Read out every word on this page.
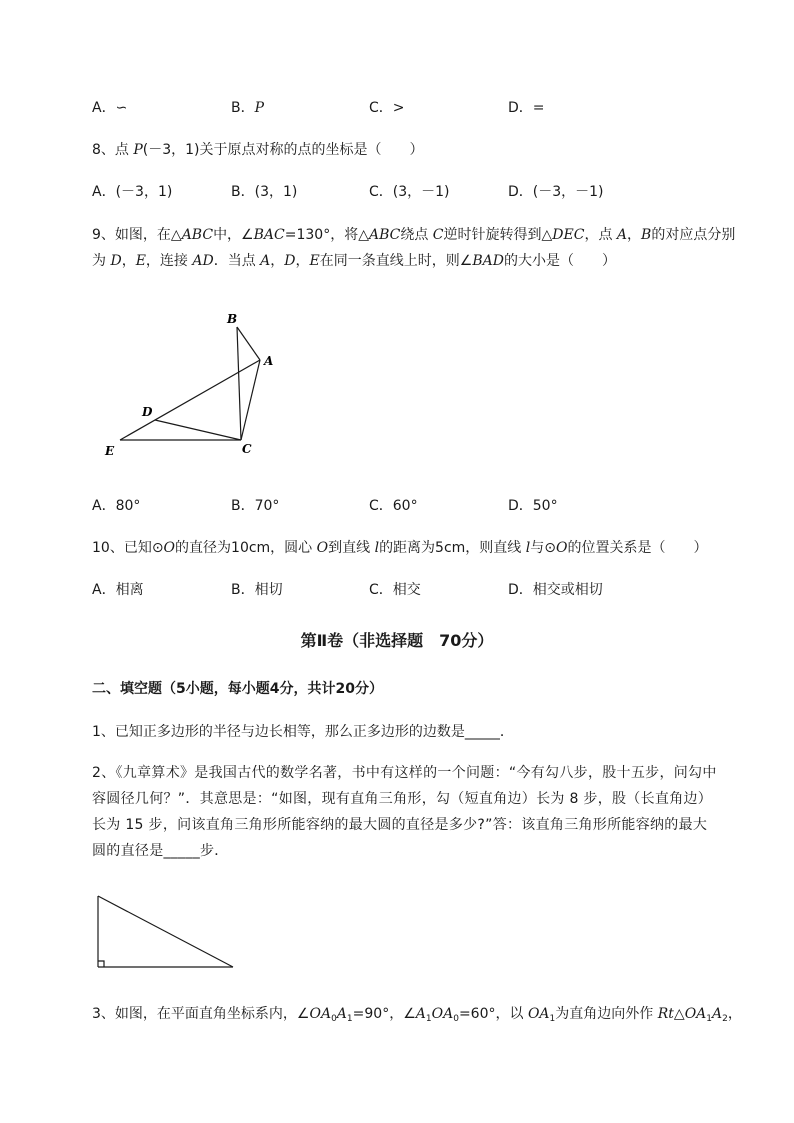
A．∽	B．P	C．>	D．=
8、点 P(－3，1)关于原点对称的点的坐标是（　　）
A．(－3，1)	B．(3，1)	C．(3，－1)	D．(－3，－1)
9、如图，在△ABC中，∠BAC=130°，将△ABC绕点 C逆时针旋转得到△DEC，点 A，B的对应点分别
为 D，E，连接 AD．当点 A，D，E在同一条直线上时，则∠BAD的大小是（　　）
B
A
D
E	C
A．80°	B．70°	C．60°	D．50°
10、已知⊙O的直径为10cm，圆心 O到直线 l的距离为5cm，则直线 l与⊙O的位置关系是（　　）
A．相离	B．相切	C．相交	D．相交或相切
第Ⅱ卷（非选择题　70分）
二、填空题（5小题，每小题4分，共计20分）
1、已知正多边形的半径与边长相等，那么正多边形的边数是_____．
2、《九章算术》是我国古代的数学名著，书中有这样的一个问题：“今有勾八步，股十五步，问勾中
容圆径几何？”．其意思是：“如图，现有直角三角形，勾（短直角边）长为 8 步，股（长直角边）
长为 15 步，问该直角三角形所能容纳的最大圆的直径是多少?”答：该直角三角形所能容纳的最大
圆的直径是_____步．
3、如图，在平面直角坐标系内，$\angle OA_0A_1=90^\circ$，$\angle A_1OA_0=60^\circ$，以 $OA_1$为直角边向外作 $Rt\triangle OA_1A_2$，
